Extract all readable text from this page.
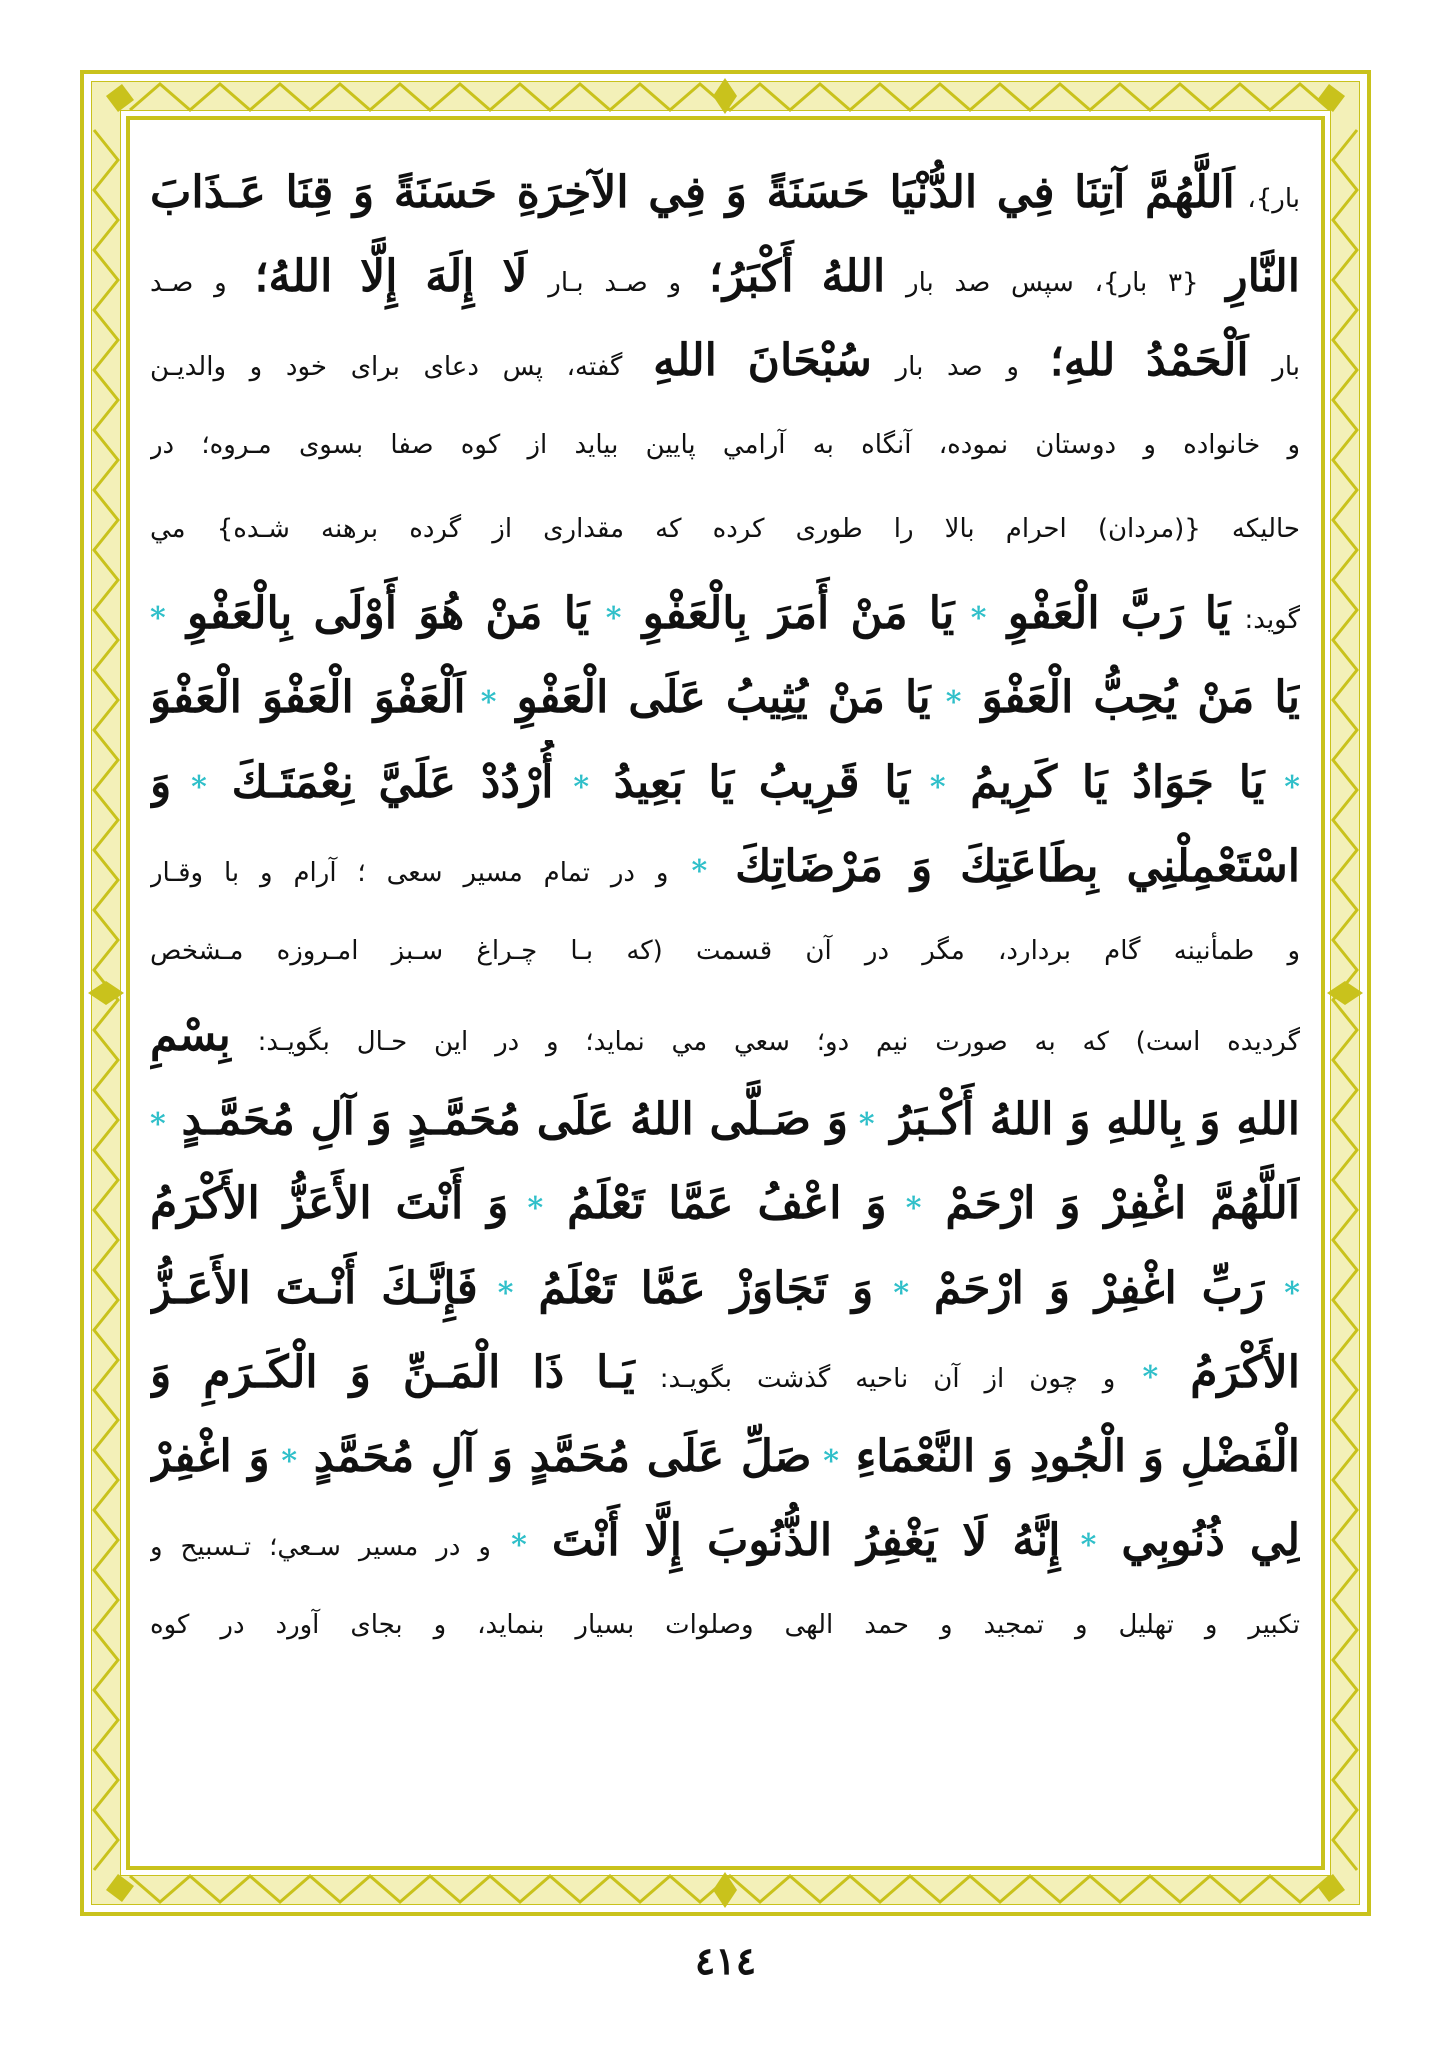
بار}، اَللَّهُمَّ آتِنَا فِي الدُّنْيَا حَسَنَةً وَ فِي الآخِرَةِ حَسَنَةً وَ قِنَا عَـذَابَ
النَّارِ {۳ بار}، سپس صد بار اللهُ أَكْبَرُ؛ و صـد بـار لَا إِلَهَ إِلَّا اللهُ؛ و صـد
بار اَلْحَمْدُ للهِ؛ و صد بار سُبْحَانَ اللهِ گفته، پس دعای برای خود و والديـن
و خانواده و دوستان نموده، آنگاه به آرامي پايين بيايد از كوه صفا بسوی مـروه؛ در
حاليكه {(مردان) احرام بالا را طوری كرده كه مقداری از گرده برهنه شـده} مي
گويد: يَا رَبَّ الْعَفْوِ * يَا مَنْ أَمَرَ بِالْعَفْوِ * يَا مَنْ هُوَ أَوْلَى بِالْعَفْوِ *
يَا مَنْ يُحِبُّ الْعَفْوَ * يَا مَنْ يُثِيبُ عَلَى الْعَفْوِ * اَلْعَفْوَ الْعَفْوَ الْعَفْوَ
* يَا جَوَادُ يَا كَرِيمُ * يَا قَرِيبُ يَا بَعِيدُ * أُرْدُدْ عَلَيَّ نِعْمَتَـكَ * وَ
اسْتَعْمِلْنِي بِطَاعَتِكَ وَ مَرْضَاتِكَ * و در تمام مسير سعی ؛ آرام و با وقـار
و طمأنينه گام بردارد، مگر در آن قسمت (كه بـا چـراغ سـبز امـروزه مـشخص
گرديده است) كه به صورت نيم دو؛ سعي مي نمايد؛ و در اين حـال بگويـد: بِسْمِ
اللهِ وَ بِاللهِ وَ اللهُ أَكْـبَرُ * وَ صَـلَّى اللهُ عَلَى مُحَمَّـدٍ وَ آلِ مُحَمَّـدٍ *
اَللَّهُمَّ اغْفِرْ وَ ارْحَمْ * وَ اعْفُ عَمَّا تَعْلَمُ * وَ أَنْتَ الأَعَزُّ الأَكْرَمُ
* رَبِّ اغْفِرْ وَ ارْحَمْ * وَ تَجَاوَزْ عَمَّا تَعْلَمُ * فَإِنَّـكَ أَنْـتَ الأَعَـزُّ
الأَكْرَمُ * و چون از آن ناحيه گذشت بگويـد: يَـا ذَا الْمَـنِّ وَ الْكَـرَمِ وَ
الْفَضْلِ وَ الْجُودِ وَ النَّعْمَاءِ * صَلِّ عَلَى مُحَمَّدٍ وَ آلِ مُحَمَّدٍ * وَ اغْفِرْ
لِي ذُنُوبِي * إِنَّهُ لَا يَغْفِرُ الذُّنُوبَ إِلَّا أَنْتَ * و در مسير سـعي؛ تـسبيح و
تكبير و تهليل و تمجيد و حمد الهی وصلوات بسيار بنمايد، و بجای آورد در كوه
٤١٤
